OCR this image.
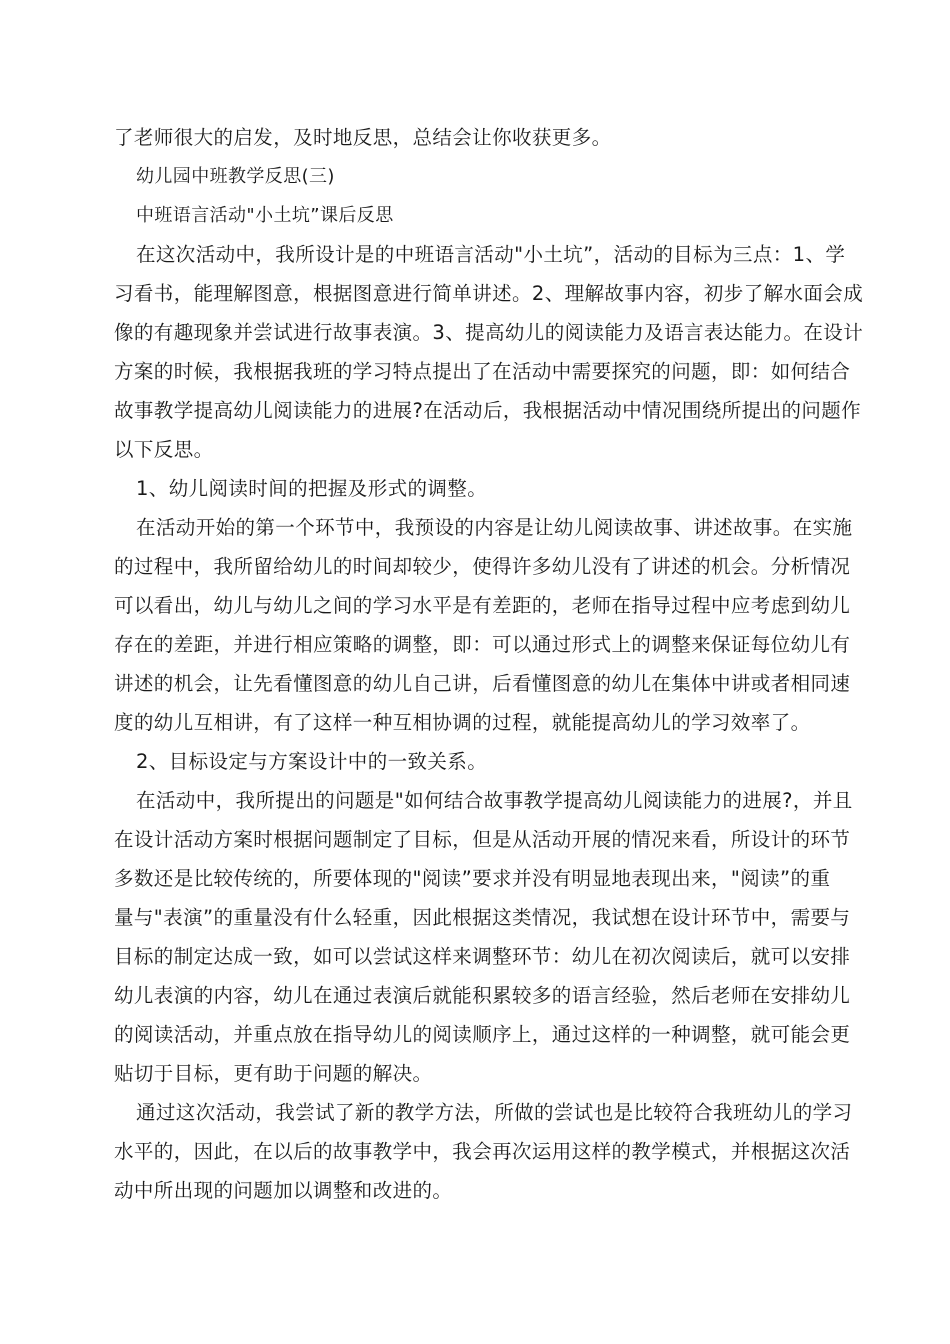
了老师很大的启发，及时地反思，总结会让你收获更多。
幼儿园中班教学反思(三)
中班语言活动"小土坑”课后反思
在这次活动中，我所设计是的中班语言活动"小土坑”，活动的目标为三点：1、学
习看书，能理解图意，根据图意进行简单讲述。2、理解故事内容，初步了解水面会成
像的有趣现象并尝试进行故事表演。3、提高幼儿的阅读能力及语言表达能力。在设计
方案的时候，我根据我班的学习特点提出了在活动中需要探究的问题，即：如何结合
故事教学提高幼儿阅读能力的进展?在活动后，我根据活动中情况围绕所提出的问题作
以下反思。
1、幼儿阅读时间的把握及形式的调整。
在活动开始的第一个环节中，我预设的内容是让幼儿阅读故事、讲述故事。在实施
的过程中，我所留给幼儿的时间却较少，使得许多幼儿没有了讲述的机会。分析情况
可以看出，幼儿与幼儿之间的学习水平是有差距的，老师在指导过程中应考虑到幼儿
存在的差距，并进行相应策略的调整，即：可以通过形式上的调整来保证每位幼儿有
讲述的机会，让先看懂图意的幼儿自己讲，后看懂图意的幼儿在集体中讲或者相同速
度的幼儿互相讲，有了这样一种互相协调的过程，就能提高幼儿的学习效率了。
2、目标设定与方案设计中的一致关系。
在活动中，我所提出的问题是"如何结合故事教学提高幼儿阅读能力的进展?，并且
在设计活动方案时根据问题制定了目标，但是从活动开展的情况来看，所设计的环节
多数还是比较传统的，所要体现的"阅读”要求并没有明显地表现出来，"阅读”的重
量与"表演”的重量没有什么轻重，因此根据这类情况，我试想在设计环节中，需要与
目标的制定达成一致，如可以尝试这样来调整环节：幼儿在初次阅读后，就可以安排
幼儿表演的内容，幼儿在通过表演后就能积累较多的语言经验，然后老师在安排幼儿
的阅读活动，并重点放在指导幼儿的阅读顺序上，通过这样的一种调整，就可能会更
贴切于目标，更有助于问题的解决。
通过这次活动，我尝试了新的教学方法，所做的尝试也是比较符合我班幼儿的学习
水平的，因此，在以后的故事教学中，我会再次运用这样的教学模式，并根据这次活
动中所出现的问题加以调整和改进的。
